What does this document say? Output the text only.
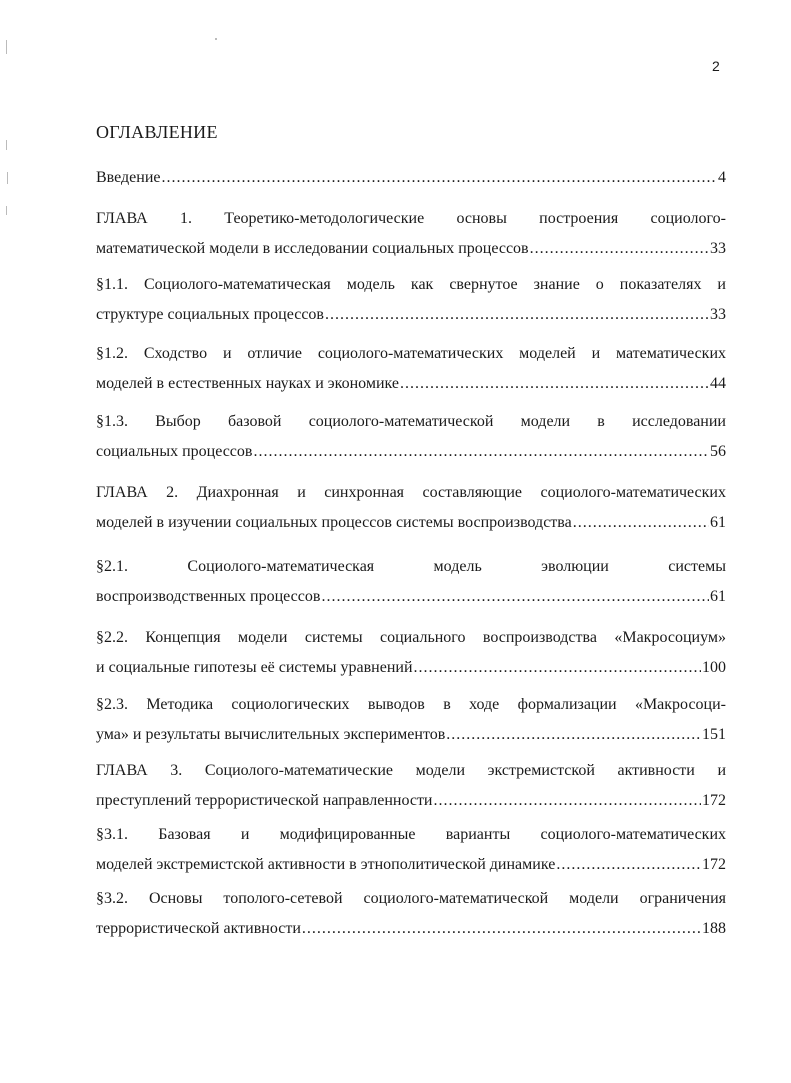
2
ОГЛАВЛЕНИЕ
Введение .....	4
ГЛАВА 1. Теоретико-методологические основы построения социолого-
математической модели в исследовании социальных процессов .....	33
§1.1. Социолого-математическая модель как свернутое знание о показателях и
структуре социальных процессов .....	33
§1.2. Сходство и отличие социолого-математических моделей и математических
моделей в естественных науках и экономике .....	44
§1.3. Выбор базовой социолого-математической модели в исследовании
социальных процессов .....	56
ГЛАВА 2. Диахронная и синхронная составляющие социолого-математических
моделей в изучении социальных процессов системы воспроизводства .....	61
§2.1. Социолого-математическая модель эволюции системы
воспроизводственных процессов .....	61
§2.2. Концепция модели системы социального воспроизводства «Макросоциум»
и социальные гипотезы её системы уравнений .....	100
§2.3. Методика социологических выводов в ходе формализации «Макросоци-
ума» и результаты вычислительных экспериментов .....	151
ГЛАВА 3. Социолого-математические модели экстремистской активности и
преступлений террористической направленности .....	172
§3.1. Базовая и модифицированные варианты социолого-математических
моделей экстремистской активности в этнополитической динамике .....	172
§3.2. Основы тополого-сетевой социолого-математической модели ограничения
террористической активности .....	188
